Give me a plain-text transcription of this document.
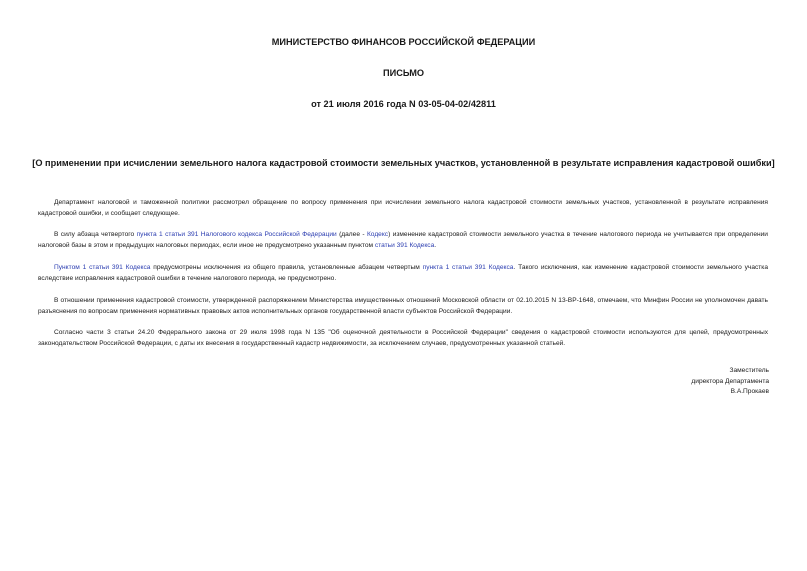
МИНИСТЕРСТВО ФИНАНСОВ РОССИЙСКОЙ ФЕДЕРАЦИИ
ПИСЬМО
от 21 июля 2016 года N 03-05-04-02/42811
[О применении при исчислении земельного налога кадастровой стоимости земельных участков, установленной в результате исправления кадастровой ошибки]

Департамент налоговой и таможенной политики рассмотрел обращение по вопросу применения при исчислении земельного налога кадастровой стоимости земельных участков, установленной в результате исправления кадастровой ошибки, и сообщает следующее.

В силу абзаца четвертого пункта 1 статьи 391 Налогового кодекса Российской Федерации (далее - Кодекс) изменение кадастровой стоимости земельного участка в течение налогового периода не учитывается при определении налоговой базы в этом и предыдущих налоговых периодах, если иное не предусмотрено указанным пунктом статьи 391 Кодекса.

Пунктом 1 статьи 391 Кодекса предусмотрены исключения из общего правила, установленные абзацем четвертым пункта 1 статьи 391 Кодекса. Такого исключения, как изменение кадастровой стоимости земельного участка вследствие исправления кадастровой ошибки в течение налогового периода, не предусмотрено.

В отношении применения кадастровой стоимости, утвержденной распоряжением Министерства имущественных отношений Московской области от 02.10.2015 N 13-ВР-1648, отмечаем, что Минфин России не уполномочен давать разъяснения по вопросам применения нормативных правовых актов исполнительных органов государственной власти субъектов Российской Федерации.

Согласно части 3 статьи 24.20 Федерального закона от 29 июля 1998 года N 135 "Об оценочной деятельности в Российской Федерации" сведения о кадастровой стоимости используются для целей, предусмотренных законодательством Российской Федерации, с даты их внесения в государственный кадастр недвижимости, за исключением случаев, предусмотренных указанной статьей.

Заместитель
директора Департамента
В.А.Прокаев
